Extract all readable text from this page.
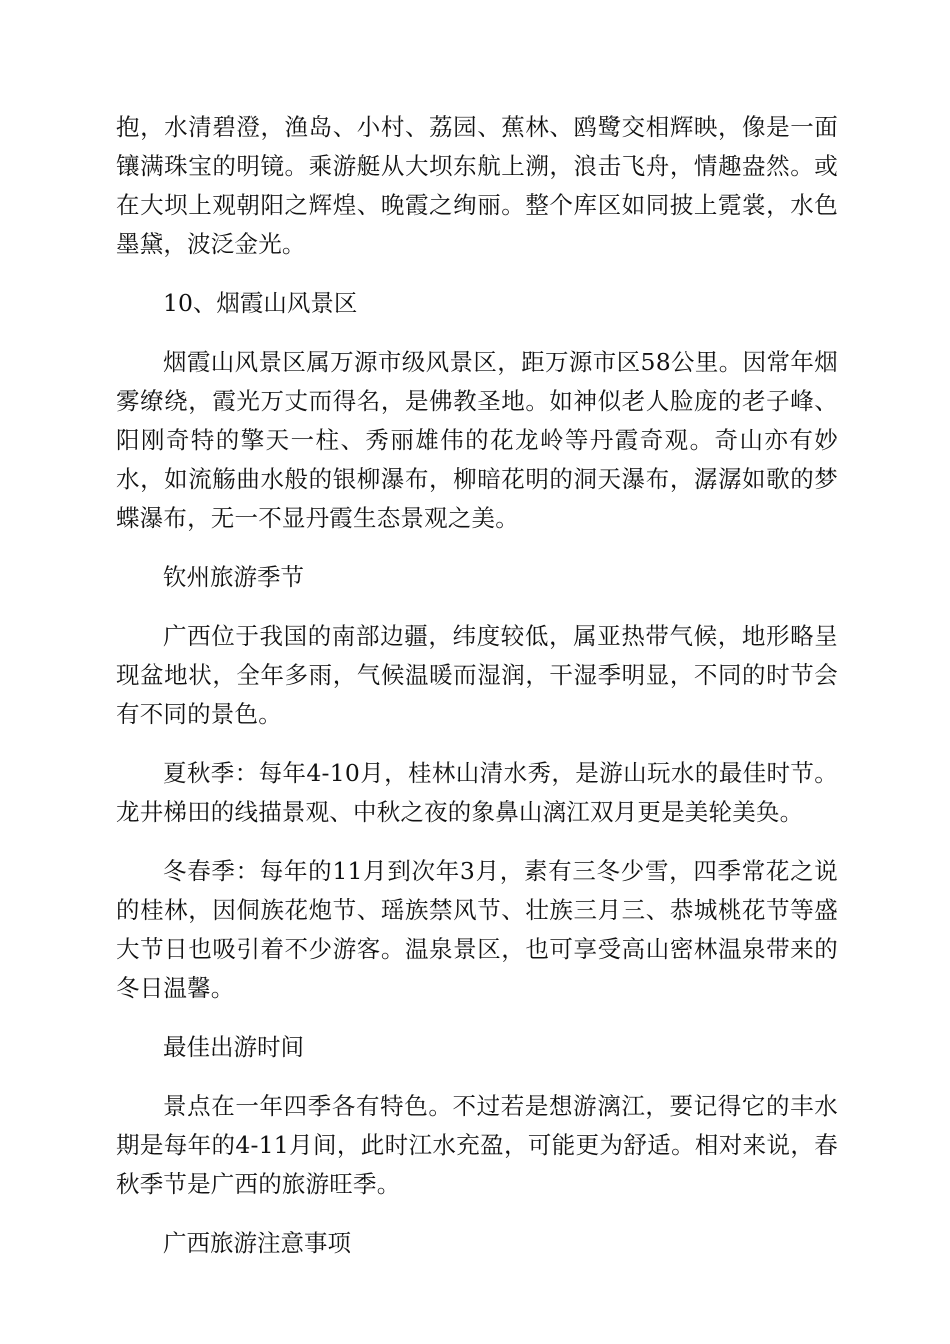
抱，水清碧澄，渔岛、小村、荔园、蕉林、鸥鹭交相辉映，像是一面镶满珠宝的明镜。乘游艇从大坝东航上溯，浪击飞舟，情趣盎然。或在大坝上观朝阳之辉煌、晚霞之绚丽。整个库区如同披上霓裳，水色墨黛，波泛金光。

10、烟霞山风景区

烟霞山风景区属万源市级风景区，距万源市区58公里。因常年烟雾缭绕，霞光万丈而得名，是佛教圣地。如神似老人脸庞的老子峰、阳刚奇特的擎天一柱、秀丽雄伟的花龙岭等丹霞奇观。奇山亦有妙水，如流觞曲水般的银柳瀑布，柳暗花明的洞天瀑布，潺潺如歌的梦蝶瀑布，无一不显丹霞生态景观之美。

钦州旅游季节

广西位于我国的南部边疆，纬度较低，属亚热带气候，地形略呈现盆地状，全年多雨，气候温暖而湿润，干湿季明显，不同的时节会有不同的景色。

夏秋季：每年4-10月，桂林山清水秀，是游山玩水的最佳时节。龙井梯田的线描景观、中秋之夜的象鼻山漓江双月更是美轮美奂。

冬春季：每年的11月到次年3月，素有三冬少雪，四季常花之说的桂林，因侗族花炮节、瑶族禁风节、壮族三月三、恭城桃花节等盛大节日也吸引着不少游客。温泉景区，也可享受高山密林温泉带来的冬日温馨。

最佳出游时间

景点在一年四季各有特色。不过若是想游漓江，要记得它的丰水期是每年的4-11月间，此时江水充盈，可能更为舒适。相对来说，春秋季节是广西的旅游旺季。

广西旅游注意事项
